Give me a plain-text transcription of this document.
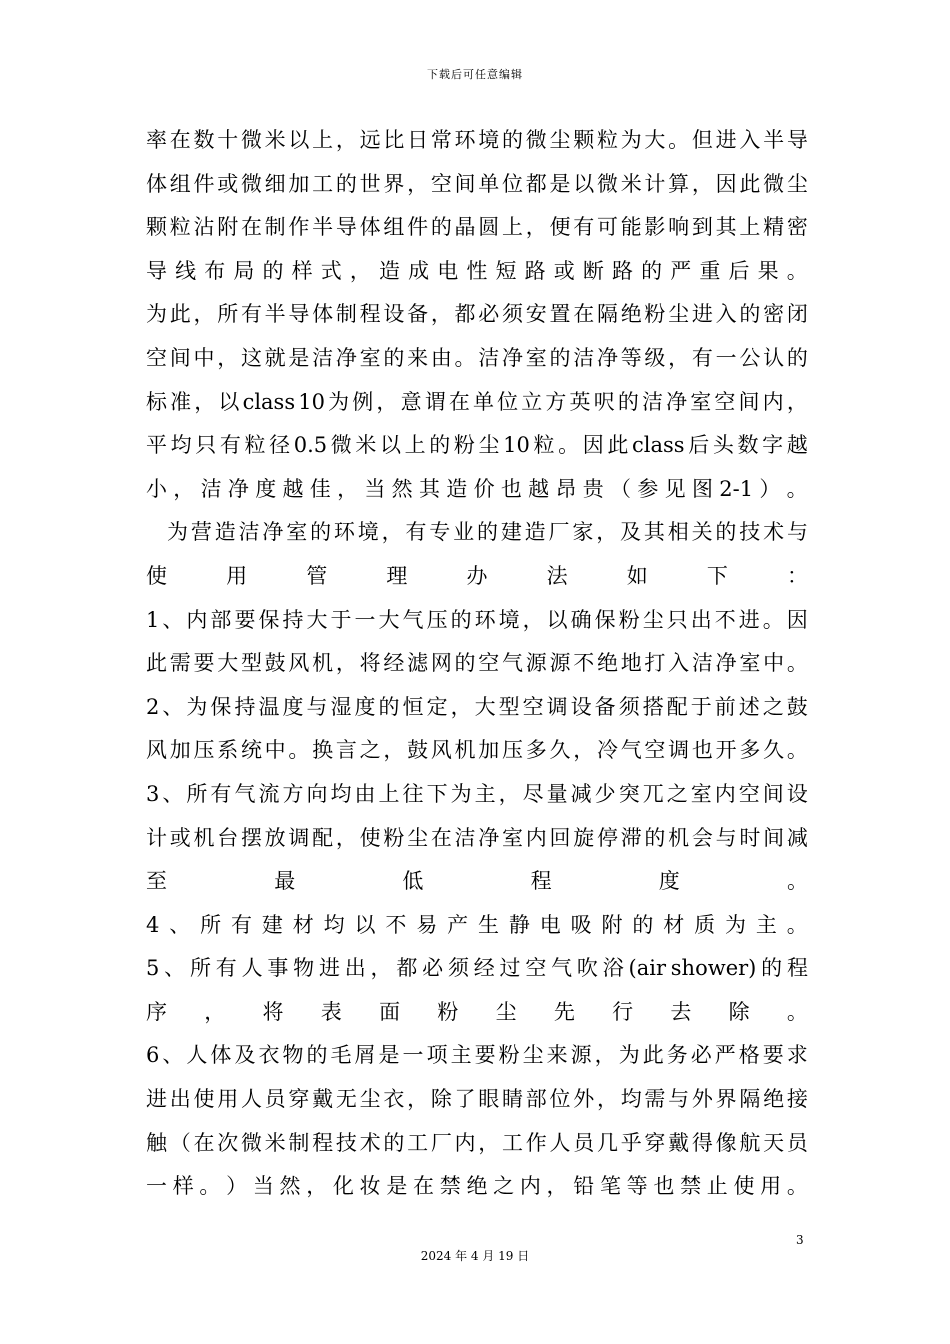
下载后可任意编辑
率 在 数 十 微 米 以 上 ， 远 比 日 常 环 境 的 微 尘 颗 粒 为 大 。 但 进 入 半 导
体 组 件 或 微 细 加 工 的 世 界 ， 空 间 单 位 都 是 以 微 米 计 算 ， 因 此 微 尘
颗 粒 沾 附 在 制 作 半 导 体 组 件 的 晶 圆 上 ， 便 有 可 能 影 响 到 其 上 精 密
导 线 布 局 的 样 式 ， 造 成 电 性 短 路 或 断 路 的 严 重 后 果 。
为 此 ， 所 有 半 导 体 制 程 设 备 ， 都 必 须 安 置 在 隔 绝 粉 尘 进 入 的 密 闭
空 间 中 ， 这 就 是 洁 净 室 的 来 由 。 洁 净 室 的 洁 净 等 级 ， 有 一 公 认 的
标 准 ， 以 class 10 为 例 ， 意 谓 在 单 位 立 方 英 呎 的 洁 净 室 空 间 内 ，
平 均 只 有 粒 径 0.5 微 米 以 上 的 粉 尘 10 粒 。 因 此 class 后 头 数 字 越
小 ， 洁 净 度 越 佳 ， 当 然 其 造 价 也 越 昂 贵 （ 参 见 图 2-1 ） 。
为 营 造 洁 净 室 的 环 境 ， 有 专 业 的 建 造 厂 家 ， 及 其 相 关 的 技 术 与
使	用	管	理	办	法	如	下	：
1 、 内 部 要 保 持 大 于 一 大 气 压 的 环 境 ， 以 确 保 粉 尘 只 出 不 进 。 因
此 需 要 大 型 鼓 风 机 ， 将 经 滤 网 的 空 气 源 源 不 绝 地 打 入 洁 净 室 中 。
2 、 为 保 持 温 度 与 湿 度 的 恒 定 ， 大 型 空 调 设 备 须 搭 配 于 前 述 之 鼓
风 加 压 系 统 中 。 换 言 之 ， 鼓 风 机 加 压 多 久 ， 冷 气 空 调 也 开 多 久 。
3 、 所 有 气 流 方 向 均 由 上 往 下 为 主 ， 尽 量 减 少 突 兀 之 室 内 空 间 设
计 或 机 台 摆 放 调 配 ， 使 粉 尘 在 洁 净 室 内 回 旋 停 滞 的 机 会 与 时 间 减
至	最	低	程	度	。
4 、 所 有 建 材 均 以 不 易 产 生 静 电 吸 附 的 材 质 为 主 。
5 、 所 有 人 事 物 进 出 ， 都 必 须 经 过 空 气 吹 浴 (air shower) 的 程
序 ， 将 表 面 粉 尘 先 行 去 除 。
6 、 人 体 及 衣 物 的 毛 屑 是 一 项 主 要 粉 尘 来 源 ， 为 此 务 必 严 格 要 求
进 出 使 用 人 员 穿 戴 无 尘 衣 ， 除 了 眼 睛 部 位 外 ， 均 需 与 外 界 隔 绝 接
触 （ 在 次 微 米 制 程 技 术 的 工 厂 内 ， 工 作 人 员 几 乎 穿 戴 得 像 航 天 员
一 样 。 ） 当 然 ， 化 妆 是 在 禁 绝 之 内 ， 铅 笔 等 也 禁 止 使 用 。
3
2024 年 4 月 19 日
